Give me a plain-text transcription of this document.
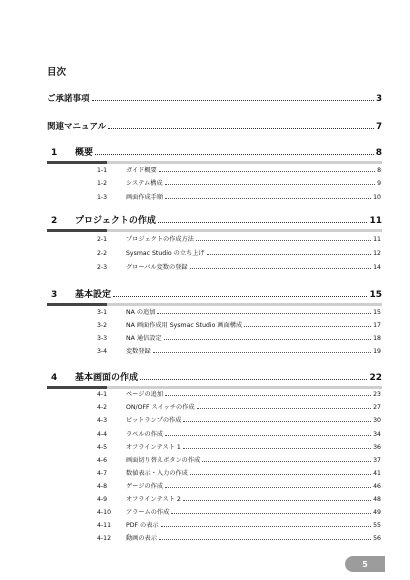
目次
ご承諾事項	3
関連マニュアル	7
1	概要	8
1-1	ガイド概要	8
1-2	システム構成	9
1-3	画面作成手順	10
2	プロジェクトの作成	11
2-1	プロジェクトの作成方法	11
2-2	Sysmac Studio の立ち上げ	12
2-3	グローバル変数の登録	14
3	基本設定	15
3-1	NA の追加	15
3-2	NA 画面作成用 Sysmac Studio 画面構成	17
3-3	NA 通信設定	18
3-4	変数登録	19
4	基本画面の作成	22
4-1	ページの追加	23
4-2	ON/OFF スイッチの作成	27
4-3	ビットランプの作成	30
4-4	ラベルの作成	34
4-5	オフラインテスト 1	36
4-6	画面切り替えボタンの作成	37
4-7	数値表示・入力の作成	41
4-8	ゲージの作成	46
4-9	オフラインテスト 2	48
4-10	アラームの作成	49
4-11	PDF の表示	55
4-12	動画の表示	56
5
